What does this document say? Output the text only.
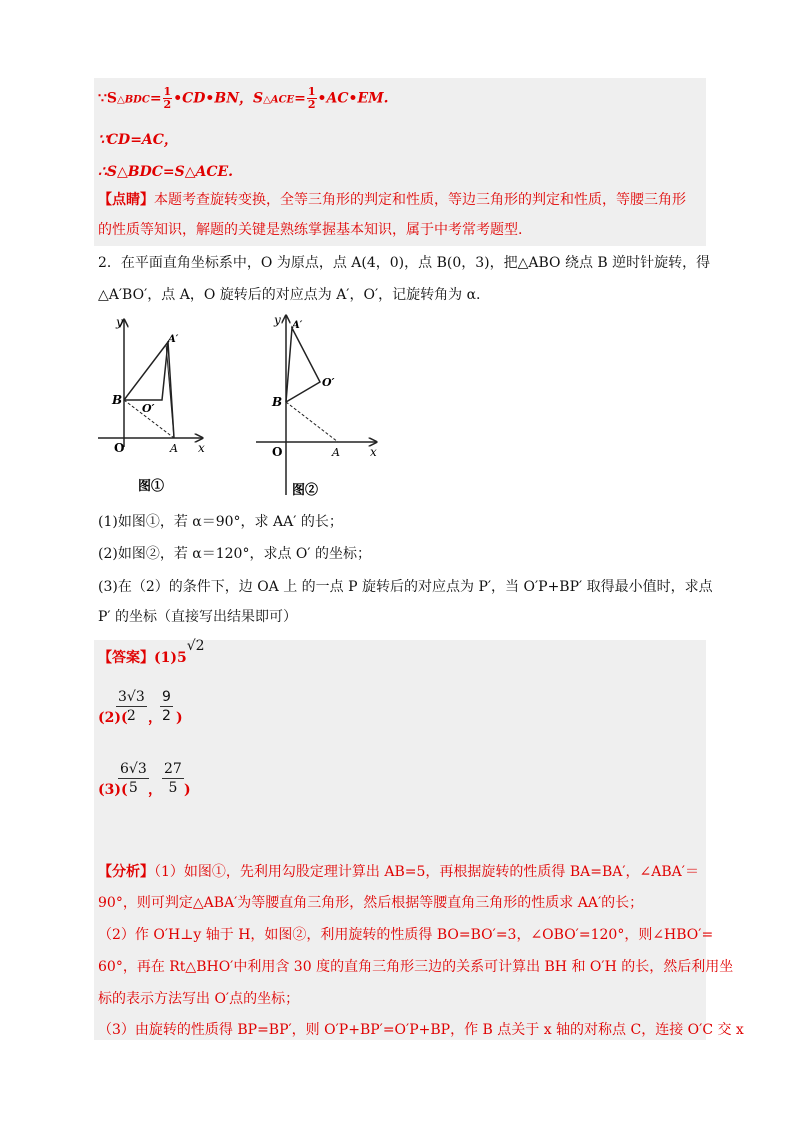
∵S△BDC= $\frac{1}{2}$ •CD•BN，S△ACE= $\frac{1}{2}$ •AC•EM.
∵CD=AC，
∴S△BDC=S△ACE.
【点睛】本题考查旋转变换，全等三角形的判定和性质，等边三角形的判定和性质，等腰三角形
的性质等知识，解题的关键是熟练掌握基本知识，属于中考常考题型.
2．在平面直角坐标系中，O 为原点，点 A(4，0)，点 B(0，3)，把△ABO 绕点 B 逆时针旋转，得
△A′BO′，点 A，O 旋转后的对应点为 A′，O′，记旋转角为 α.
y
x
O	A
B
A′
O′
图①
y
x
O	A
B
A′
O′
图②
(1)如图①，若 α＝90°，求 AA′ 的长；
(2)如图②，若 α＝120°，求点 O′ 的坐标；
(3)在（2）的条件下，边 OA 上 的一点 P 旋转后的对应点为 P′，当 O′P+BP′ 取得最小值时，求点
P′ 的坐标（直接写出结果即可）
【答案】(1)5√2
(2)(
$\frac{3√3}{2}$ ，
$\frac{9}{2}$ )
(3)(
$\frac{6√3}{5}$ ， $\frac{27}{5}$ )
【分析】（1）如图①，先利用勾股定理计算出 AB=5，再根据旋转的性质得 BA=BA′，∠ABA′＝
90°，则可判定△ABA′为等腰直角三角形，然后根据等腰直角三角形的性质求 AA′的长；
（2）作 O′H⊥y 轴于 H，如图②，利用旋转的性质得 BO=BO′=3，∠OBO′=120°，则∠HBO′=
60°，再在 Rt△BHO′中利用含 30 度的直角三角形三边的关系可计算出 BH 和 O′H 的长，然后利用坐
标的表示方法写出 O′点的坐标；
（3）由旋转的性质得 BP=BP′，则 O′P+BP′=O′P+BP，作 B 点关于 x 轴的对称点 C，连接 O′C 交 x
